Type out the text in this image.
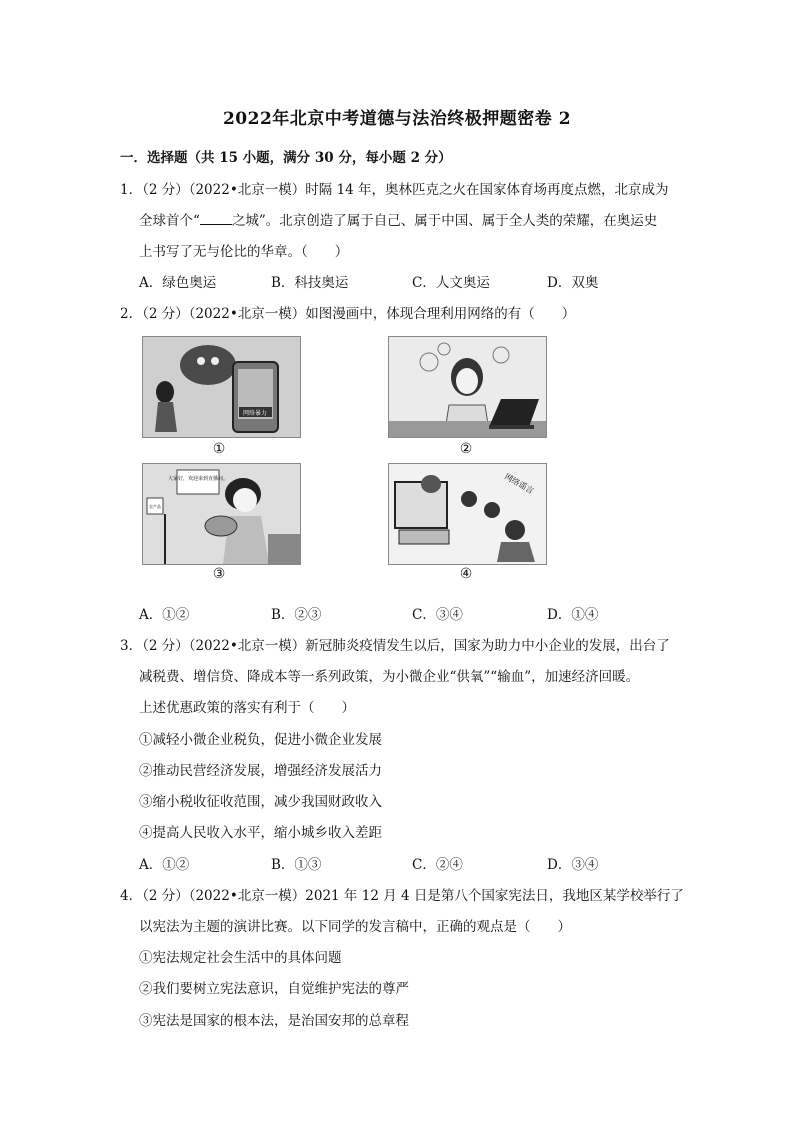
2022年北京中考道德与法治终极押题密卷 2
一．选择题（共 15 小题，满分 30 分，每小题 2 分）
1．（2 分）（2022•北京一模）时隔 14 年，奥林匹克之火在国家体育场再度点燃，北京成为
全球首个“ 之城”。北京创造了属于自己、属于中国、属于全人类的荣耀，在奥运史
上书写了无与伦比的华章。（　　）
A．绿色奥运	B．科技奥运	C．人文奥运	D．双奥
2．（2 分）（2022•北京一模）如图漫画中，体现合理利用网络的有（　　）
网络暴力
①	②
大家好，欢迎来到直播间。
农产品
③
网络谣言
④
A．①②	B．②③	C．③④	D．①④
3．（2 分）（2022•北京一模）新冠肺炎疫情发生以后，国家为助力中小企业的发展，出台了
减税费、增信贷、降成本等一系列政策，为小微企业“供氧”“输血”，加速经济回暖。
上述优惠政策的落实有利于（　　）
①减轻小微企业税负，促进小微企业发展
②推动民营经济发展，增强经济发展活力
③缩小税收征收范围，减少我国财政收入
④提高人民收入水平，缩小城乡收入差距
A．①②	B．①③	C．②④	D．③④
4．（2 分）（2022•北京一模）2021 年 12 月 4 日是第八个国家宪法日，我地区某学校举行了
以宪法为主题的演讲比赛。以下同学的发言稿中，正确的观点是（　　）
①宪法规定社会生活中的具体问题
②我们要树立宪法意识，自觉维护宪法的尊严
③宪法是国家的根本法，是治国安邦的总章程
